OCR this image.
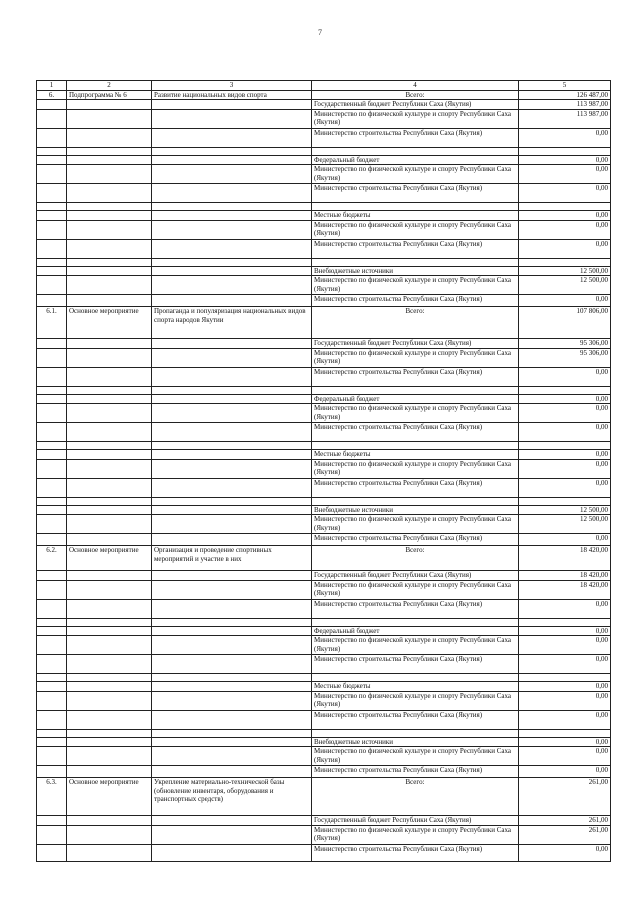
7
1	2	3	4	5
6.	Подпрограмма № 6	Развитие национальных видов спорта	Всего:	126 487,00
			Государственный бюджет Республики Саха (Якутия)	113 987,00
			Министерство по физической культуре и спорту Республики Саха (Якутия)	113 987,00
			Министерство строительства Республики Саха (Якутия)	0,00

			Федеральный бюджет	0,00
			Министерство по физической культуре и спорту Республики Саха (Якутия)	0,00
			Министерство строительства Республики Саха (Якутия)	0,00

			Местные бюджеты	0,00
			Министерство по физической культуре и спорту Республики Саха (Якутия)	0,00
			Министерство строительства Республики Саха (Якутия)	0,00

			Внебюджетные источники	12 500,00
			Министерство по физической культуре и спорту Республики Саха (Якутия)	12 500,00
			Министерство строительства Республики Саха (Якутия)	0,00
6.1.	Основное мероприятие	Пропаганда и популяризация национальных видов спорта народов Якутии	Всего:	107 806,00
			Государственный бюджет Республики Саха (Якутия)	95 306,00
			Министерство по физической культуре и спорту Республики Саха (Якутия)	95 306,00
			Министерство строительства Республики Саха (Якутия)	0,00

			Федеральный бюджет	0,00
			Министерство по физической культуре и спорту Республики Саха (Якутия)	0,00
			Министерство строительства Республики Саха (Якутия)	0,00

			Местные бюджеты	0,00
			Министерство по физической культуре и спорту Республики Саха (Якутия)	0,00
			Министерство строительства Республики Саха (Якутия)	0,00

			Внебюджетные источники	12 500,00
			Министерство по физической культуре и спорту Республики Саха (Якутия)	12 500,00
			Министерство строительства Республики Саха (Якутия)	0,00
6.2.	Основное мероприятие	Организация и проведение спортивных мероприятий и участие в них	Всего:	18 420,00
			Государственный бюджет Республики Саха (Якутия)	18 420,00
			Министерство по физической культуре и спорту Республики Саха (Якутия)	18 420,00
			Министерство строительства Республики Саха (Якутия)	0,00

			Федеральный бюджет	0,00
			Министерство по физической культуре и спорту Республики Саха (Якутия)	0,00
			Министерство строительства Республики Саха (Якутия)	0,00

			Местные бюджеты	0,00
			Министерство по физической культуре и спорту Республики Саха (Якутия)	0,00
			Министерство строительства Республики Саха (Якутия)	0,00

			Внебюджетные источники	0,00
			Министерство по физической культуре и спорту Республики Саха (Якутия)	0,00
			Министерство строительства Республики Саха (Якутия)	0,00
6.3.	Основное мероприятие	Укрепление материально-технической базы (обновление инвентаря, оборудования и транспортных средств)	Всего:	261,00
			Государственный бюджет Республики Саха (Якутия)	261,00
			Министерство по физической культуре и спорту Республики Саха (Якутия)	261,00
			Министерство строительства Республики Саха (Якутия)	0,00
